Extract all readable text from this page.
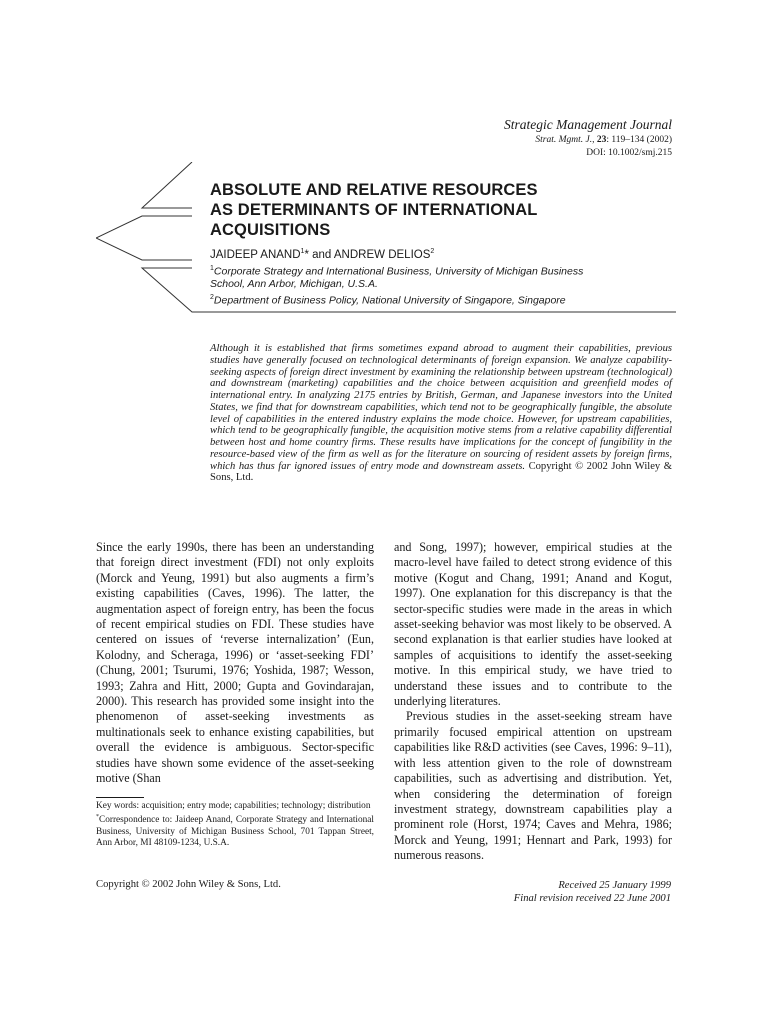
Strategic Management Journal
Strat. Mgmt. J., 23: 119–134 (2002)
DOI: 10.1002/smj.215
ABSOLUTE AND RELATIVE RESOURCES
AS DETERMINANTS OF INTERNATIONAL
ACQUISITIONS
JAIDEEP ANAND$^1$* and ANDREW DELIOS$^2$
$^1$Corporate Strategy and International Business, University of Michigan Business
School, Ann Arbor, Michigan, U.S.A.
$^2$Department of Business Policy, National University of Singapore, Singapore
Although it is established that firms sometimes expand abroad to augment their capabilities, previous studies have generally focused on technological determinants of foreign expansion. We analyze capability-seeking aspects of foreign direct investment by examining the relationship between upstream (technological) and downstream (marketing) capabilities and the choice between acquisition and greenfield modes of international entry. In analyzing 2175 entries by British, German, and Japanese investors into the United States, we find that for downstream capabilities, which tend not to be geographically fungible, the absolute level of capabilities in the entered industry explains the mode choice. However, for upstream capabilities, which tend to be geographically fungible, the acquisition motive stems from a relative capability differential between host and home country firms. These results have implications for the concept of fungibility in the resource-based view of the firm as well as for the literature on sourcing of resident assets by foreign firms, which has thus far ignored issues of entry mode and downstream assets. Copyright © 2002 John Wiley & Sons, Ltd.

Since the early 1990s, there has been an understanding that foreign direct investment (FDI) not only exploits (Morck and Yeung, 1991) but also augments a firm’s existing capabilities (Caves, 1996). The latter, the augmentation aspect of foreign entry, has been the focus of recent empirical studies on FDI. These studies have centered on issues of ‘reverse internalization’ (Eun, Kolodny, and Scheraga, 1996) or ‘asset-seeking FDI’ (Chung, 2001; Tsurumi, 1976; Yoshida, 1987; Wesson, 1993; Zahra and Hitt, 2000; Gupta and Govindarajan, 2000). This research has provided some insight into the phenomenon of asset-seeking investments as multinationals seek to enhance existing capabilities, but overall the evidence is ambiguous. Sector-specific studies have shown some evidence of the asset-seeking motive (Shan

Key words: acquisition; entry mode; capabilities; technology; distribution
*Correspondence to: Jaideep Anand, Corporate Strategy and International Business, University of Michigan Business School, 701 Tappan Street, Ann Arbor, MI 48109-1234, U.S.A.

and Song, 1997); however, empirical studies at the macro-level have failed to detect strong evidence of this motive (Kogut and Chang, 1991; Anand and Kogut, 1997). One explanation for this discrepancy is that the sector-specific studies were made in the areas in which asset-seeking behavior was most likely to be observed. A second explanation is that earlier studies have looked at samples of acquisitions to identify the asset-seeking motive. In this empirical study, we have tried to understand these issues and to contribute to the underlying literatures.

Previous studies in the asset-seeking stream have primarily focused empirical attention on upstream capabilities like R&D activities (see Caves, 1996: 9–11), with less attention given to the role of downstream capabilities, such as advertising and distribution. Yet, when considering the determination of foreign investment strategy, downstream capabilities play a prominent role (Horst, 1974; Caves and Mehra, 1986; Morck and Yeung, 1991; Hennart and Park, 1993) for numerous reasons.

Copyright © 2002 John Wiley & Sons, Ltd.	Received 25 January 1999
Final revision received 22 June 2001
